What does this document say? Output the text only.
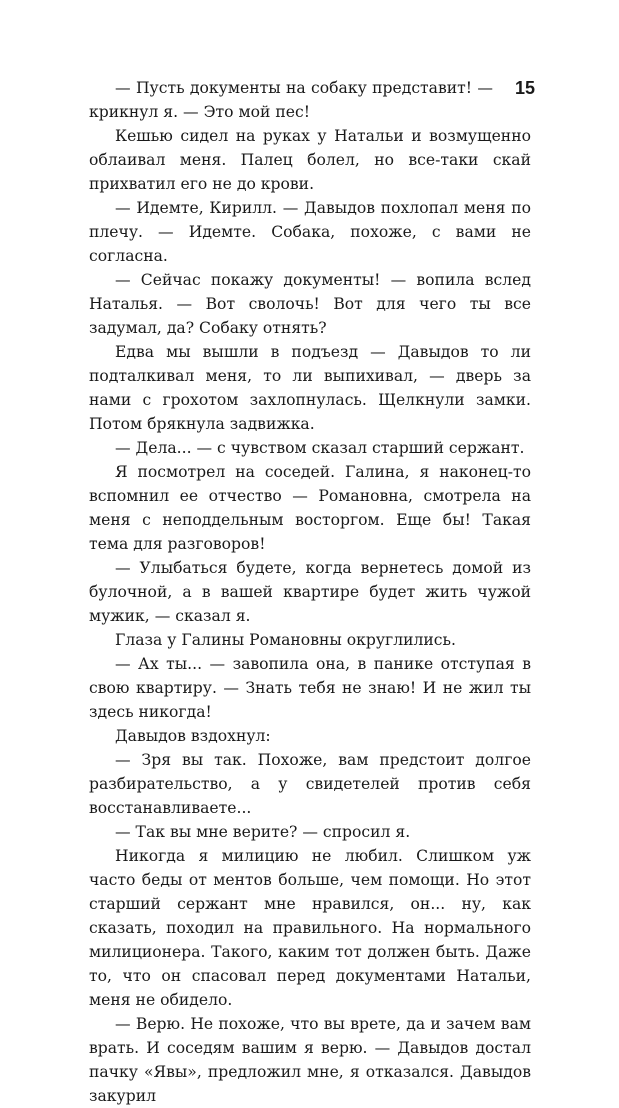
15

— Пусть документы на собаку представит! — крикнул я. — Это мой пес!

Кешью сидел на руках у Натальи и возмущенно облаивал меня. Палец болел, но все-таки скай прихватил его не до крови.

— Идемте, Кирилл. — Давыдов похлопал меня по плечу. — Идемте. Собака, похоже, с вами не согласна.

— Сейчас покажу документы! — вопила вслед Наталья. — Вот сволочь! Вот для чего ты все задумал, да? Собаку отнять?

Едва мы вышли в подъезд — Давыдов то ли подталкивал меня, то ли выпихивал, — дверь за нами с грохотом захлопнулась. Щелкнули замки. Потом брякнула задвижка.

— Дела... — с чувством сказал старший сержант.

Я посмотрел на соседей. Галина, я наконец-то вспомнил ее отчество — Романовна, смотрела на меня с неподдельным восторгом. Еще бы! Такая тема для разговоров!

— Улыбаться будете, когда вернетесь домой из булочной, а в вашей квартире будет жить чужой мужик, — сказал я.

Глаза у Галины Романовны округлились.

— Ах ты... — завопила она, в панике отступая в свою квартиру. — Знать тебя не знаю! И не жил ты здесь никогда!

Давыдов вздохнул:

— Зря вы так. Похоже, вам предстоит долгое разбирательство, а у свидетелей против себя восстанавливаете...

— Так вы мне верите? — спросил я.

Никогда я милицию не любил. Слишком уж часто беды от ментов больше, чем помощи. Но этот старший сержант мне нравился, он... ну, как сказать, походил на правильного. На нормального милиционера. Такого, каким тот должен быть. Даже то, что он спасовал перед документами Натальи, меня не обидело.

— Верю. Не похоже, что вы врете, да и зачем вам врать. И соседям вашим я верю. — Давыдов достал пачку «Явы», предложил мне, я отказался. Давыдов закурил
